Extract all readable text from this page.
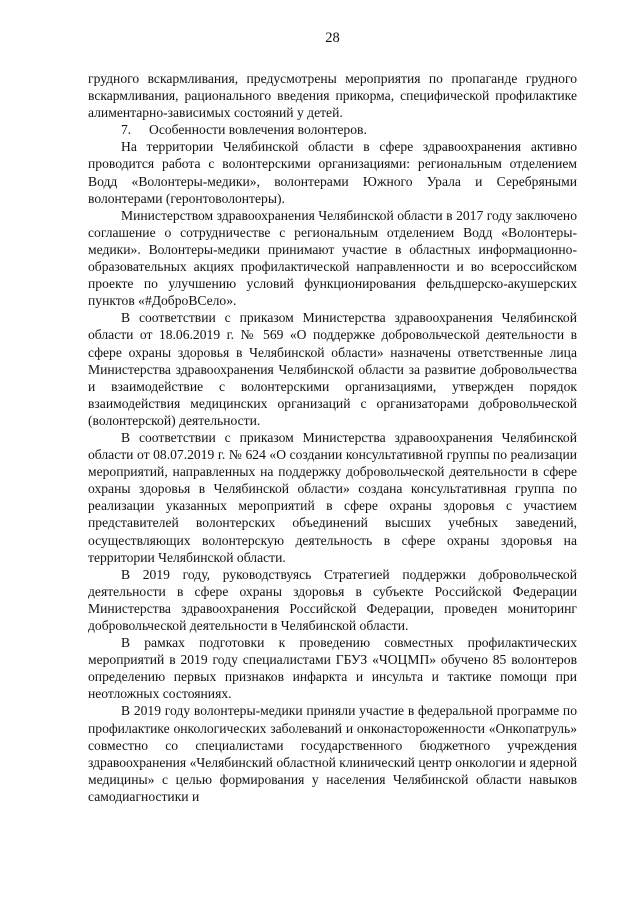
28

грудного вскармливания, предусмотрены мероприятия по пропаганде грудного вскармливания, рационального введения прикорма, специфической профилактике алиментарно-зависимых состояний у детей.

7. Особенности вовлечения волонтеров.

На территории Челябинской области в сфере здравоохранения активно проводится работа с волонтерскими организациями: региональным отделением Водд «Волонтеры-медики», волонтерами Южного Урала и Серебряными волонтерами (геронтоволонтеры).

Министерством здравоохранения Челябинской области в 2017 году заключено соглашение о сотрудничестве с региональным отделением Водд «Волонтеры-медики». Волонтеры-медики принимают участие в областных информационно-образовательных акциях профилактической направленности и во всероссийском проекте по улучшению условий функционирования фельдшерско-акушерских пунктов «#ДоброВСело».

В соответствии с приказом Министерства здравоохранения Челябинской области от 18.06.2019 г. № 569 «О поддержке добровольческой деятельности в сфере охраны здоровья в Челябинской области» назначены ответственные лица Министерства здравоохранения Челябинской области за развитие добровольчества и взаимодействие с волонтерскими организациями, утвержден порядок взаимодействия медицинских организаций с организаторами добровольческой (волонтерской) деятельности.

В соответствии с приказом Министерства здравоохранения Челябинской области от 08.07.2019 г. № 624 «О создании консультативной группы по реализации мероприятий, направленных на поддержку добровольческой деятельности в сфере охраны здоровья в Челябинской области» создана консультативная группа по реализации указанных мероприятий в сфере охраны здоровья с участием представителей волонтерских объединений высших учебных заведений, осуществляющих волонтерскую деятельность в сфере охраны здоровья на территории Челябинской области.

В 2019 году, руководствуясь Стратегией поддержки добровольческой деятельности в сфере охраны здоровья в субъекте Российской Федерации Министерства здравоохранения Российской Федерации, проведен мониторинг добровольческой деятельности в Челябинской области.

В рамках подготовки к проведению совместных профилактических мероприятий в 2019 году специалистами ГБУЗ «ЧОЦМП» обучено 85 волонтеров определению первых признаков инфаркта и инсульта и тактике помощи при неотложных состояниях.

В 2019 году волонтеры-медики приняли участие в федеральной программе по профилактике онкологических заболеваний и онконастороженности «Онкопатруль» совместно со специалистами государственного бюджетного учреждения здравоохранения «Челябинский областной клинический центр онкологии и ядерной медицины» с целью формирования у населения Челябинской области навыков самодиагностики и
